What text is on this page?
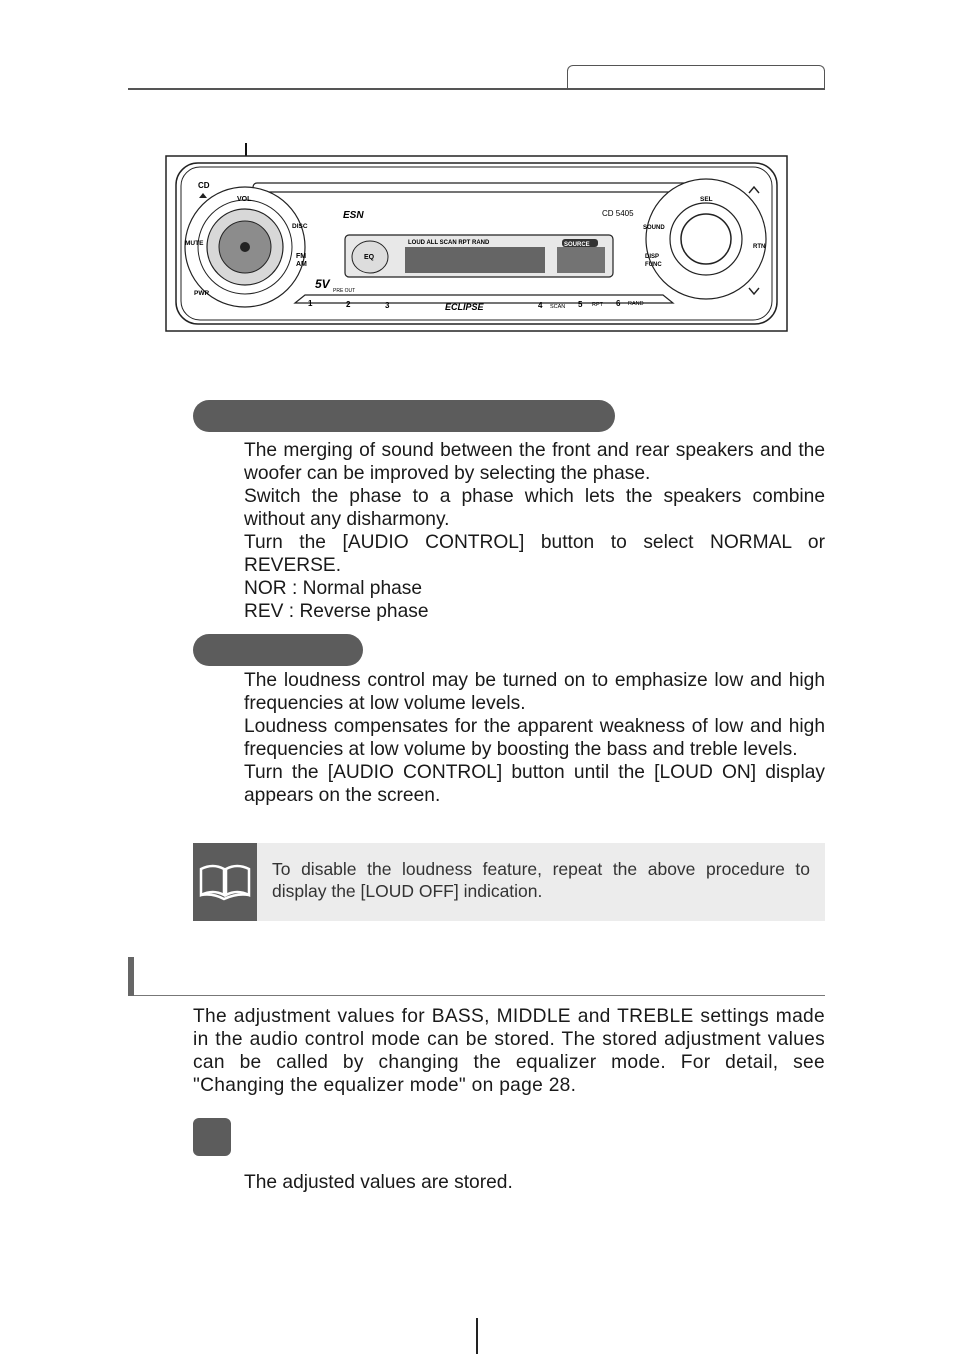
CD
VOL
MUTE
DISC
FM
AM
PWR
5V PRE OUT
ESN	CD 5405
SOUND
DISP
FUNC
SEL
RTN
EQ
LOUD ALL SCAN RPT RAND	SOURCE
ECLIPSE
1	2	3	4 SCAN 5 RPT 6 RAND

The merging of sound between the front and rear speakers and the woofer can be improved by selecting the phase.

Switch the phase to a phase which lets the speakers combine without any disharmony.

Turn the [AUDIO CONTROL] button to select NORMAL or REVERSE.

NOR : Normal phase

REV : Reverse phase

The loudness control may be turned on to emphasize low and high frequencies at low volume levels.

Loudness compensates for the apparent weakness of low and high frequencies at low volume by boosting the bass and treble levels.

Turn the [AUDIO CONTROL] button until the [LOUD ON] display appears on the screen.

To disable the loudness feature, repeat the above procedure to display the [LOUD OFF] indication.

The adjustment values for BASS, MIDDLE and TREBLE settings made in the audio control mode can be stored. The stored adjustment values can be called by changing the equalizer mode. For detail, see "Changing the equalizer mode" on page 28.

The adjusted values are stored.
